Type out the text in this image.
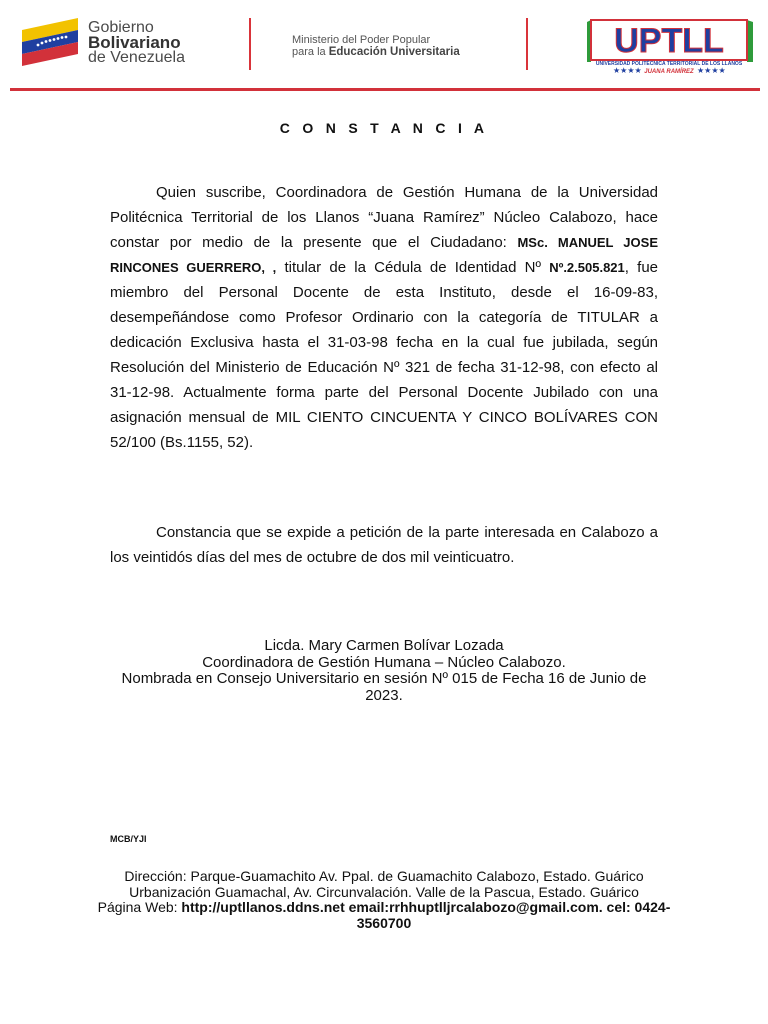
Gobierno
Bolivariano
de Venezuela
Ministerio del Poder Popular
para la Educación Universitaria	UPTLL
UNIVERSIDAD POLITÉCNICA TERRITORIAL DE LOS LLANOS
★★★★	★★★★
JUANA RAMÍREZ
C O N S T A N C I A

Quien suscribe, Coordinadora de Gestión Humana de la Universidad Politécnica Territorial de los Llanos “Juana Ramírez” Núcleo Calabozo, hace constar por medio de la presente que el Ciudadano: MSc. MANUEL JOSE RINCONES GUERRERO, , titular de la Cédula de Identidad Nº Nº.2.505.821, fue miembro del Personal Docente de esta Instituto, desde el 16-09-83, desempeñándose como Profesor Ordinario con la categoría de TITULAR a dedicación Exclusiva hasta el 31-03-98 fecha en la cual fue jubilada, según Resolución del Ministerio de Educación Nº 321 de fecha 31-12-98, con efecto al 31-12-98. Actualmente forma parte del Personal Docente Jubilado con una asignación mensual de MIL CIENTO CINCUENTA Y CINCO BOLÍVARES CON 52/100 (Bs.1155, 52).

Constancia que se expide a petición de la parte interesada en Calabozo a los veintidós días del mes de octubre de dos mil veinticuatro.

Licda. Mary Carmen Bolívar Lozada
Coordinadora de Gestión Humana – Núcleo Calabozo.
Nombrada en Consejo Universitario en sesión Nº 015 de Fecha 16 de Junio de 2023.
MCB/YJI
Dirección: Parque-Guamachito Av. Ppal. de Guamachito Calabozo, Estado. Guárico
Urbanización Guamachal, Av. Circunvalación. Valle de la Pascua, Estado. Guárico
Página Web: http://uptllanos.ddns.net email:rrhhuptlljrcalabozo@gmail.com. cel: 0424-3560700
